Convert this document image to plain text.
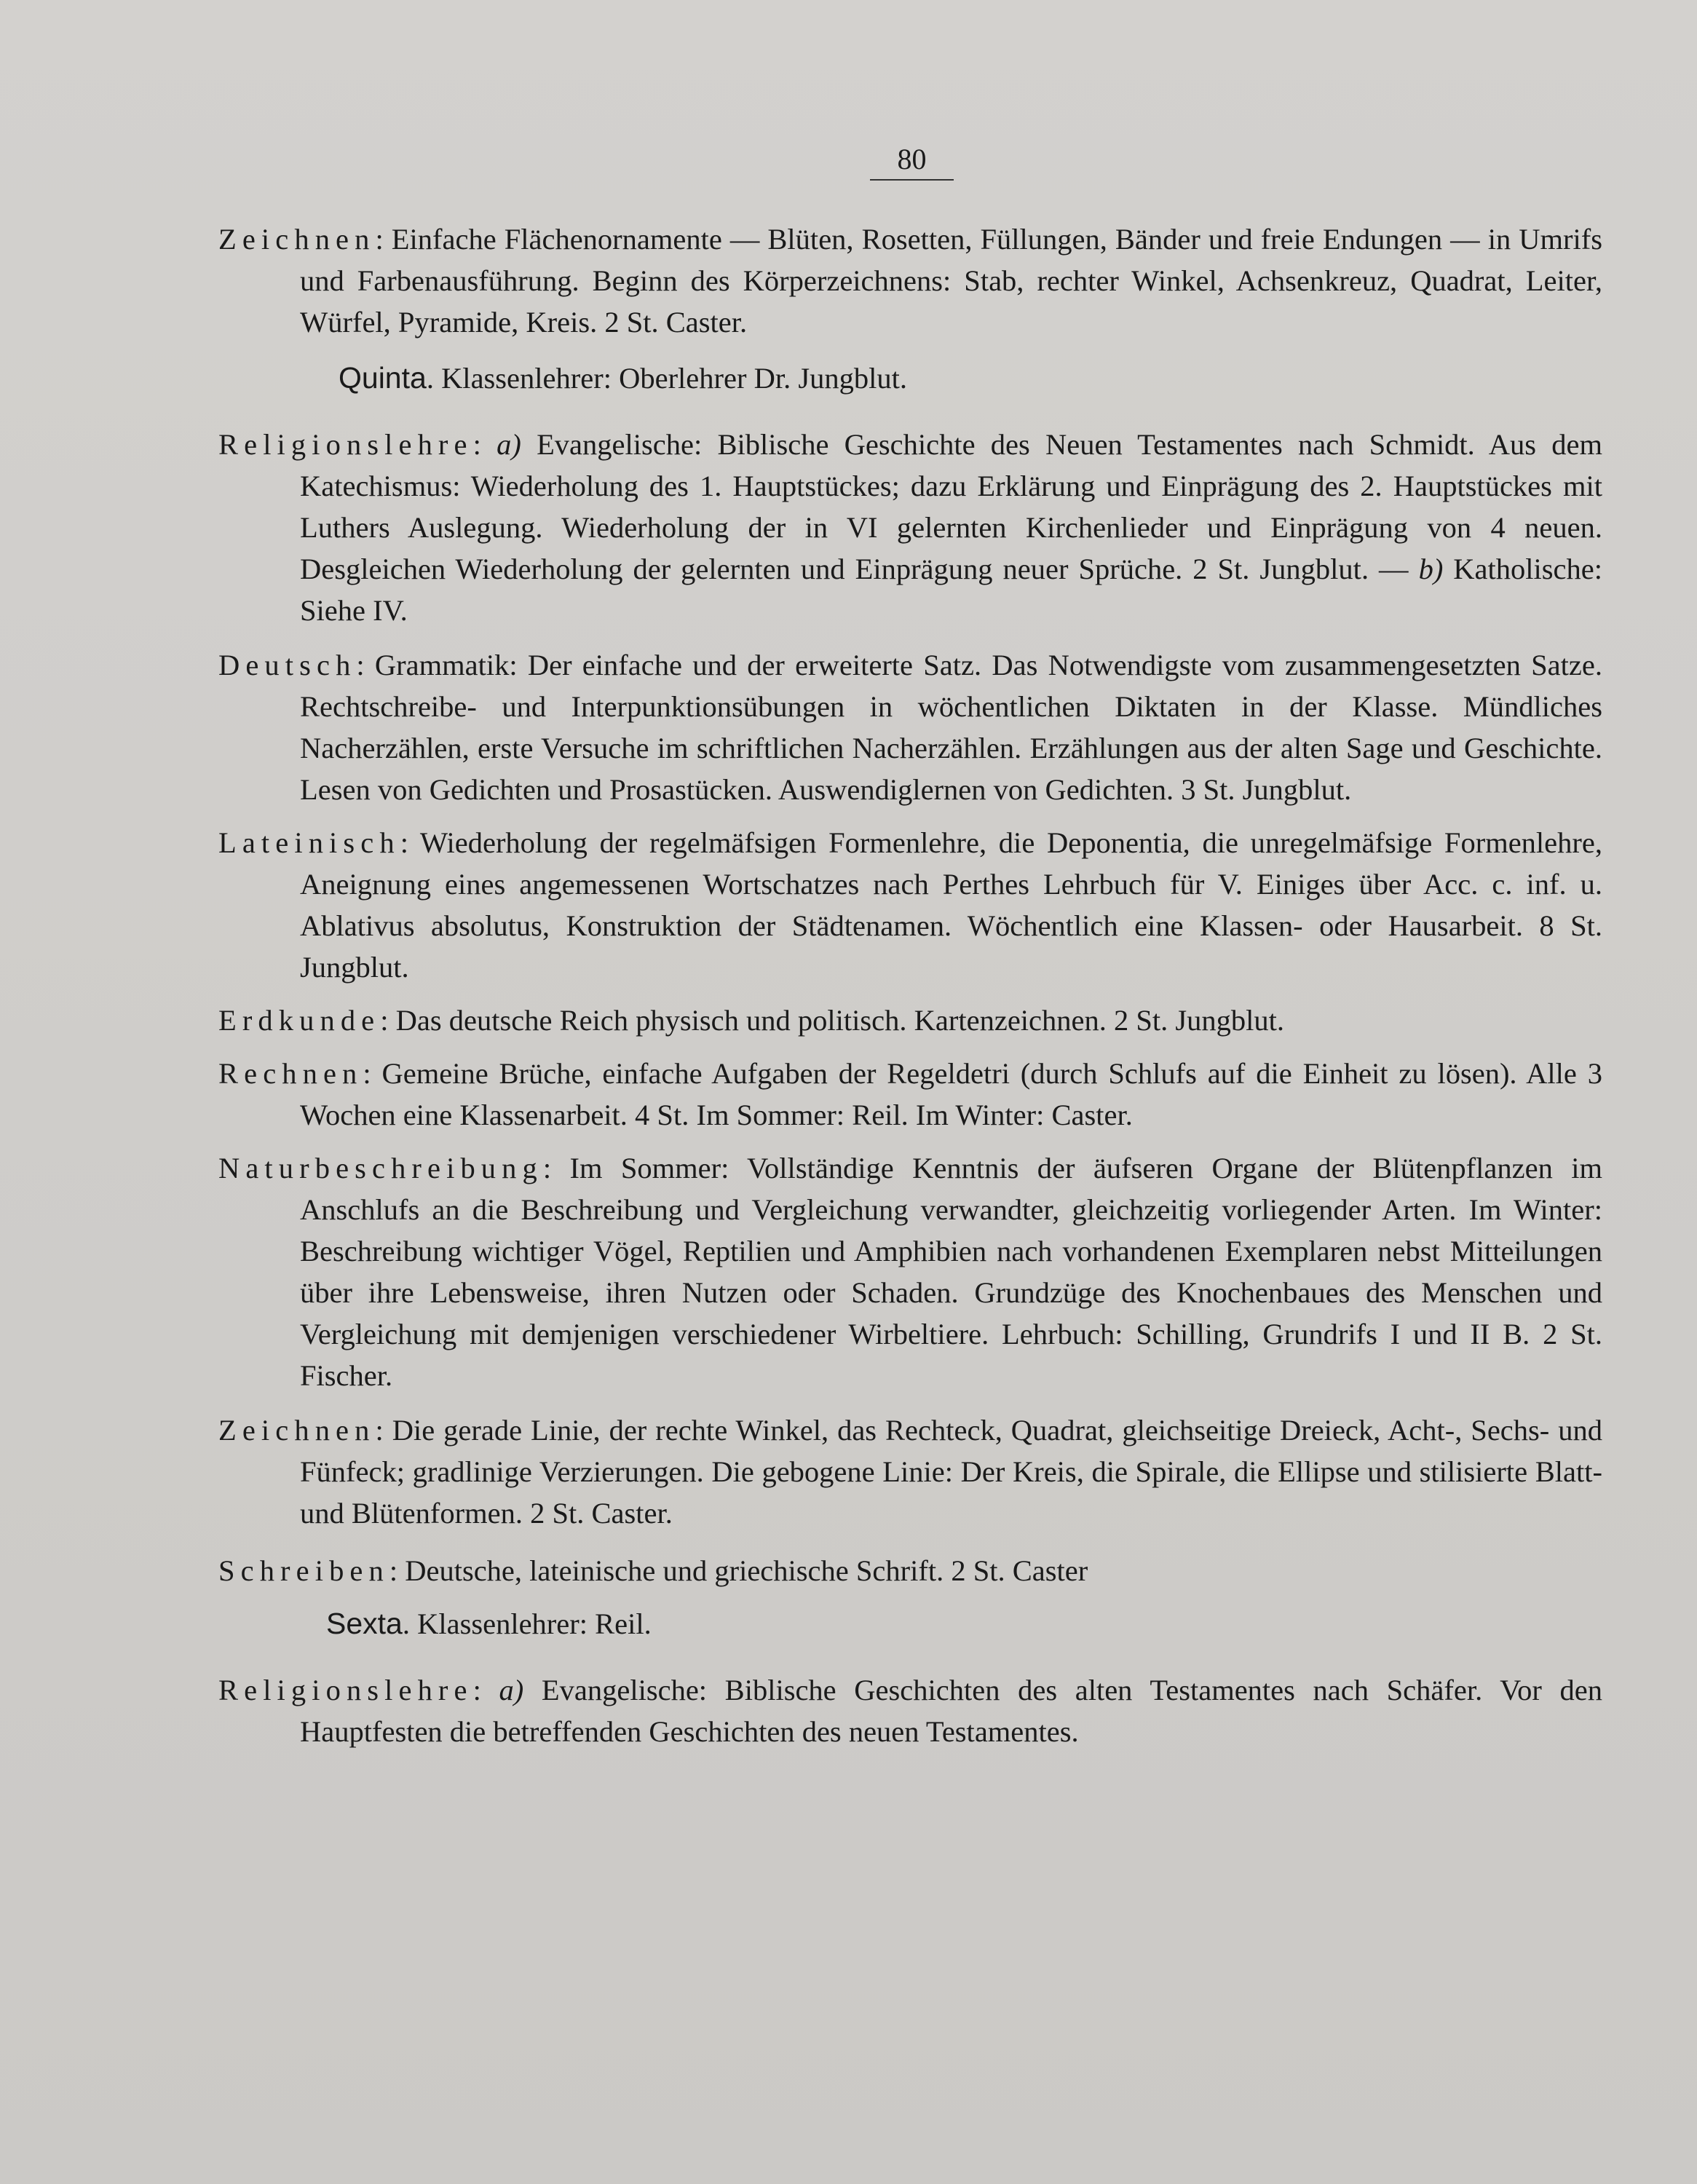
80

Zeichnen: Einfache Flächenornamente — Blüten, Rosetten, Füllungen, Bänder und freie Endungen — in Umrifs und Farbenausführung. Beginn des Körperzeichnens: Stab, rechter Winkel, Achsenkreuz, Quadrat, Leiter, Würfel, Pyramide, Kreis. 2 St. Caster.

Quinta. Klassenlehrer: Oberlehrer Dr. Jungblut.

Religionslehre: a) Evangelische: Biblische Geschichte des Neuen Testamentes nach Schmidt. Aus dem Katechismus: Wiederholung des 1. Hauptstückes; dazu Erklärung und Einprägung des 2. Hauptstückes mit Luthers Auslegung. Wiederholung der in VI gelernten Kirchenlieder und Einprägung von 4 neuen. Desgleichen Wiederholung der gelernten und Einprägung neuer Sprüche. 2 St. Jungblut. — b) Katholische: Siehe IV.

Deutsch: Grammatik: Der einfache und der erweiterte Satz. Das Notwendigste vom zusammengesetzten Satze. Rechtschreibe- und Interpunktionsübungen in wöchentlichen Diktaten in der Klasse. Mündliches Nacherzählen, erste Versuche im schriftlichen Nacherzählen. Erzählungen aus der alten Sage und Geschichte. Lesen von Gedichten und Prosastücken. Auswendiglernen von Gedichten. 3 St. Jungblut.

Lateinisch: Wiederholung der regelmäfsigen Formenlehre, die Deponentia, die unregelmäfsige Formenlehre, Aneignung eines angemessenen Wortschatzes nach Perthes Lehrbuch für V. Einiges über Acc. c. inf. u. Ablativus absolutus, Konstruktion der Städtenamen. Wöchentlich eine Klassen- oder Hausarbeit. 8 St. Jungblut.

Erdkunde: Das deutsche Reich physisch und politisch. Kartenzeichnen. 2 St. Jungblut.

Rechnen: Gemeine Brüche, einfache Aufgaben der Regeldetri (durch Schlufs auf die Einheit zu lösen). Alle 3 Wochen eine Klassenarbeit. 4 St. Im Sommer: Reil. Im Winter: Caster.

Naturbeschreibung: Im Sommer: Vollständige Kenntnis der äufseren Organe der Blütenpflanzen im Anschlufs an die Beschreibung und Vergleichung verwandter, gleichzeitig vorliegender Arten. Im Winter: Beschreibung wichtiger Vögel, Reptilien und Amphibien nach vorhandenen Exemplaren nebst Mitteilungen über ihre Lebensweise, ihren Nutzen oder Schaden. Grundzüge des Knochenbaues des Menschen und Vergleichung mit demjenigen verschiedener Wirbeltiere. Lehrbuch: Schilling, Grundrifs I und II B. 2 St. Fischer.

Zeichnen: Die gerade Linie, der rechte Winkel, das Rechteck, Quadrat, gleichseitige Dreieck, Acht-, Sechs- und Fünfeck; gradlinige Verzierungen. Die gebogene Linie: Der Kreis, die Spirale, die Ellipse und stilisierte Blatt- und Blütenformen. 2 St. Caster.

Schreiben: Deutsche, lateinische und griechische Schrift. 2 St. Caster

Sexta. Klassenlehrer: Reil.

Religionslehre: a) Evangelische: Biblische Geschichten des alten Testamentes nach Schäfer. Vor den Hauptfesten die betreffenden Geschichten des neuen Testamentes.
